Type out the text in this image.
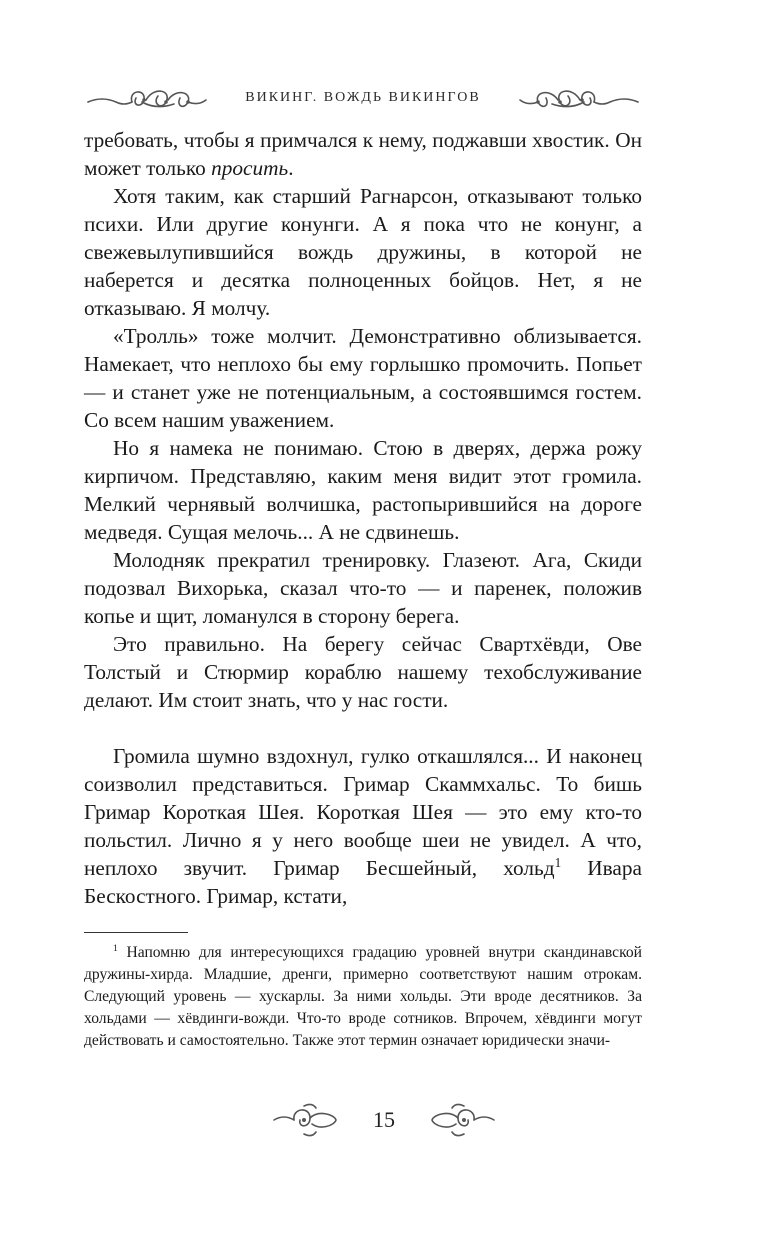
ВИКИНГ. ВОЖДЬ ВИКИНГОВ

требовать, чтобы я примчался к нему, поджавши хвостик. Он может только просить.

Хотя таким, как старший Рагнарсон, отказывают только психи. Или другие конунги. А я пока что не конунг, а свежевылупившийся вождь дружины, в которой не наберется и десятка полноценных бойцов. Нет, я не отказываю. Я молчу.

«Тролль» тоже молчит. Демонстративно облизывается. Намекает, что неплохо бы ему горлышко промочить. Попьет — и станет уже не потенциальным, а состоявшимся гостем. Со всем нашим уважением.

Но я намека не понимаю. Стою в дверях, держа рожу кирпичом. Представляю, каким меня видит этот громила. Мелкий чернявый волчишка, растопырившийся на дороге медведя. Сущая мелочь... А не сдвинешь.

Молодняк прекратил тренировку. Глазеют. Ага, Скиди подозвал Вихорька, сказал что-то — и паренек, положив копье и щит, ломанулся в сторону берега.

Это правильно. На берегу сейчас Свартхёвди, Ове Толстый и Стюрмир кораблю нашему техобслуживание делают. Им стоит знать, что у нас гости.

Громила шумно вздохнул, гулко откашлялся... И наконец соизволил представиться. Гримар Скаммхальс. То бишь Гримар Короткая Шея. Короткая Шея — это ему кто-то польстил. Лично я у него вообще шеи не увидел. А что, неплохо звучит. Гримар Бесшейный, хольд$^1$ Ивара Бескостного. Гримар, кстати,

$^1$ Напомню для интересующихся градацию уровней внутри скандинавской дружины-хирда. Младшие, дренги, примерно соответствуют нашим отрокам. Следующий уровень — хускарлы. За ними хольды. Эти вроде десятников. За хольдами — хёвдинги-вожди. Что-то вроде сотников. Впрочем, хёвдинги могут действовать и самостоятельно. Также этот термин означает юридически значи-

15
